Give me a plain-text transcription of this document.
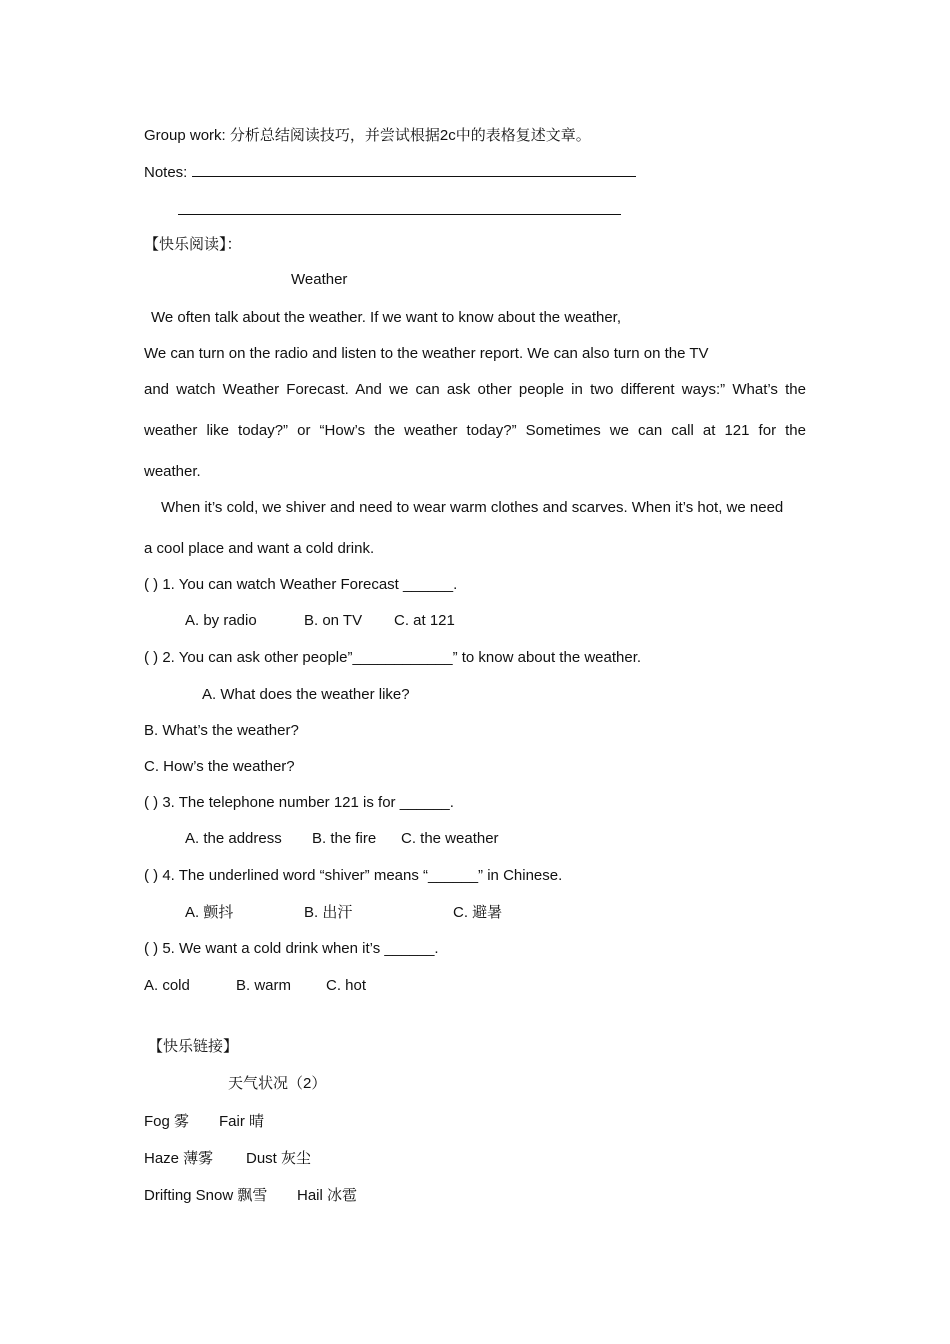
Group work: 分析总结阅读技巧，并尝试根据2c中的表格复述文章。
Notes:
【快乐阅读】：
Weather
We often talk about the weather. If we want to know about the weather,
We can turn on the radio and listen to the weather report. We can also turn on the TV
and watch Weather Forecast. And we can ask other people in two different ways:” What’s the
weather like today?” or “How’s the weather today?” Sometimes we can call at 121 for the
weather.
When it’s cold, we shiver and need to wear warm clothes and scarves. When it’s hot, we need
a cool place and want a cold drink.
( ) 1. You can watch Weather Forecast ______.
A. by radio	B. on TV C. at 121
( ) 2. You can ask other people”____________” to know about the weather.
A. What does the weather like?
B. What’s the weather?
C. How’s the weather?
( ) 3. The telephone number 121 is for ______.
A. the address B. the fire C. the weather
( ) 4. The underlined word “shiver” means “______” in Chinese.
A. 颤抖	B. 出汗	C. 避暑
( ) 5. We want a cold drink when it’s ______.
A. cold	B. warm C. hot
【快乐链接】
天气状况（2）
Fog 雾 Fair 晴
Haze 薄雾 Dust 灰尘
Drifting Snow 飘雪 Hail 冰雹
